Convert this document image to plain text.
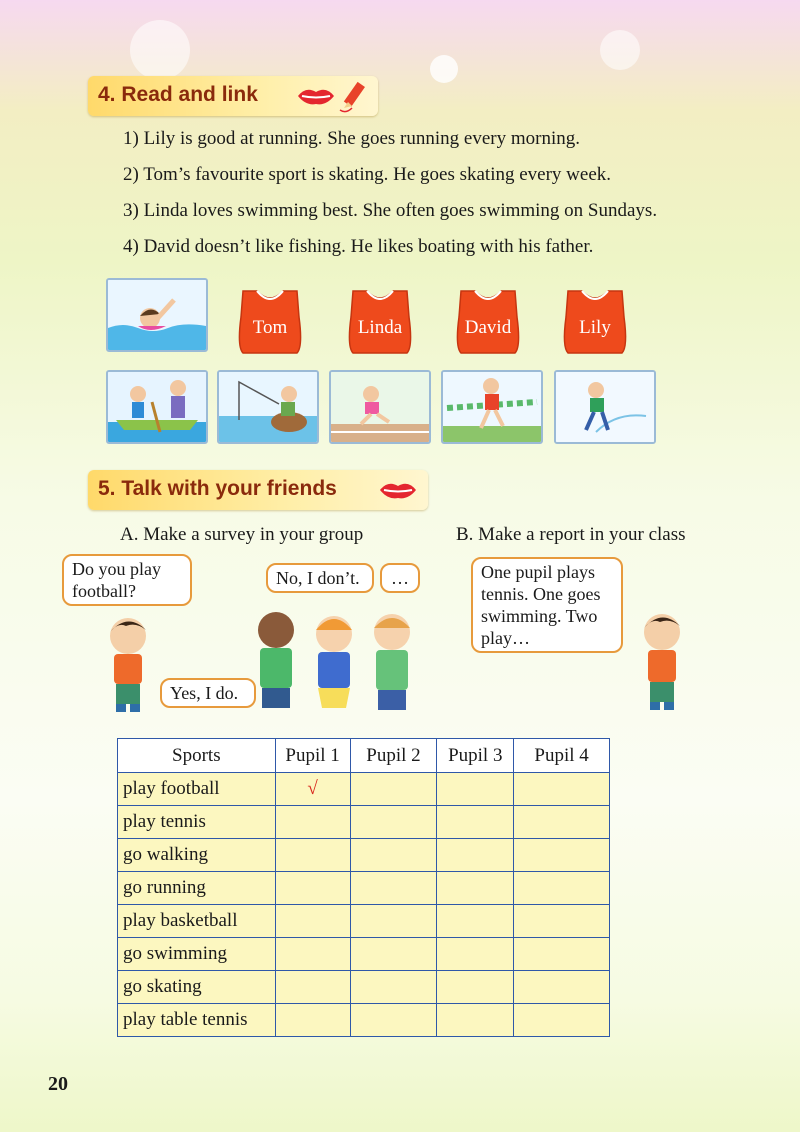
4. Read and link
1) Lily is good at running. She goes running every morning.
2) Tom’s favourite sport is skating. He goes skating every week.
3) Linda loves swimming best. She often goes swimming on Sundays.
4) David doesn’t like fishing. He likes boating with his father.
Tom	Linda	David	Lily
5. Talk with your friends
A. Make a survey in your group	B. Make a report in your class
Do you play football?
No, I don’t.	…
Yes, I do.
One pupil plays tennis. One goes swimming. Two play…
Sports	Pupil 1	Pupil 2	Pupil 3	Pupil 4
play football	√			
play tennis				
go walking				
go running				
play basketball				
go swimming				
go skating				
play table tennis				
20
